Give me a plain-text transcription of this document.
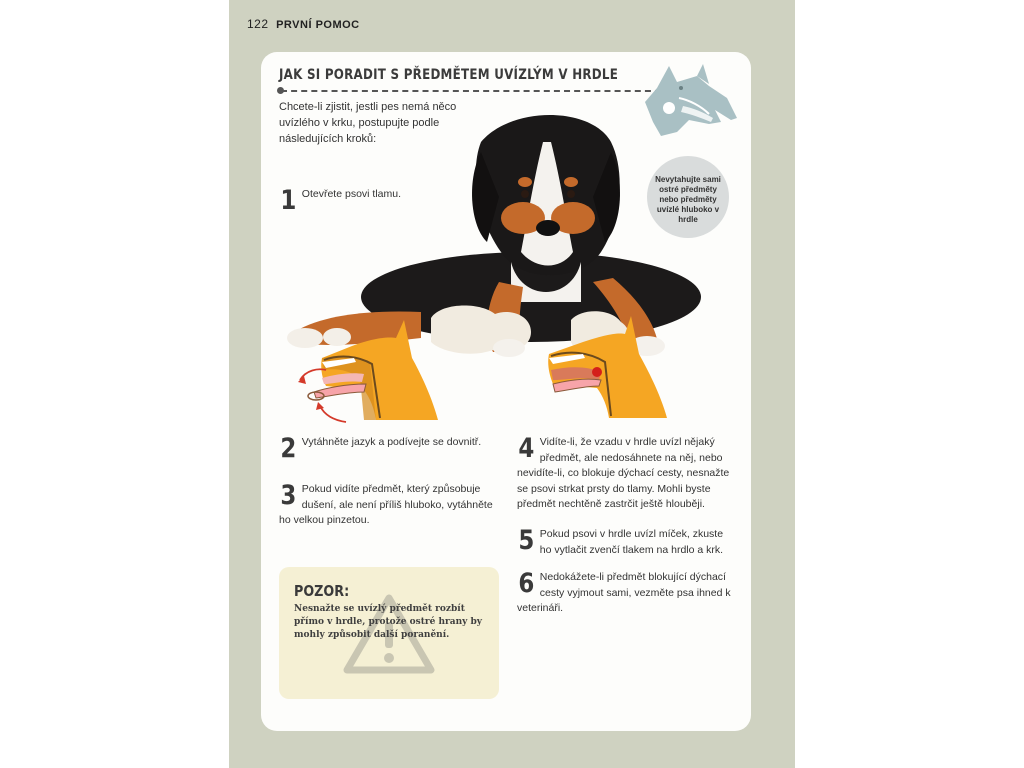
122 PRVNÍ POMOC
JAK SI PORADIT S PŘEDMĚTEM UVÍZLÝM V HRDLE
Chcete-li zjistit, jestli pes nemá něco uvízlého v krku, postupujte podle následujících kroků:
Nevytahujte sami ostré předměty nebo předměty uvízlé hluboko v hrdle
1 Otevřete psovi tlamu.
2 Vytáhněte jazyk a podívejte se dovnitř.
3 Pokud vidíte předmět, který způsobuje dušení, ale není příliš hluboko, vytáhněte ho velkou pinzetou.
4 Vidíte-li, že vzadu v hrdle uvízl nějaký předmět, ale nedosáhnete na něj, nebo nevidíte-li, co blokuje dýchací cesty, nesnažte se psovi strkat prsty do tlamy. Mohli byste předmět nechtěně zastrčit ještě hlouběji.
5 Pokud psovi v hrdle uvízl míček, zkuste ho vytlačit zvenčí tlakem na hrdlo a krk.
6 Nedokážete-li předmět blokující dýchací cesty vyjmout sami, vezměte psa ihned k veterináři.
POZOR:
Nesnažte se uvízlý předmět rozbít přímo v hrdle, protože ostré hrany by mohly způsobit další poranění.
